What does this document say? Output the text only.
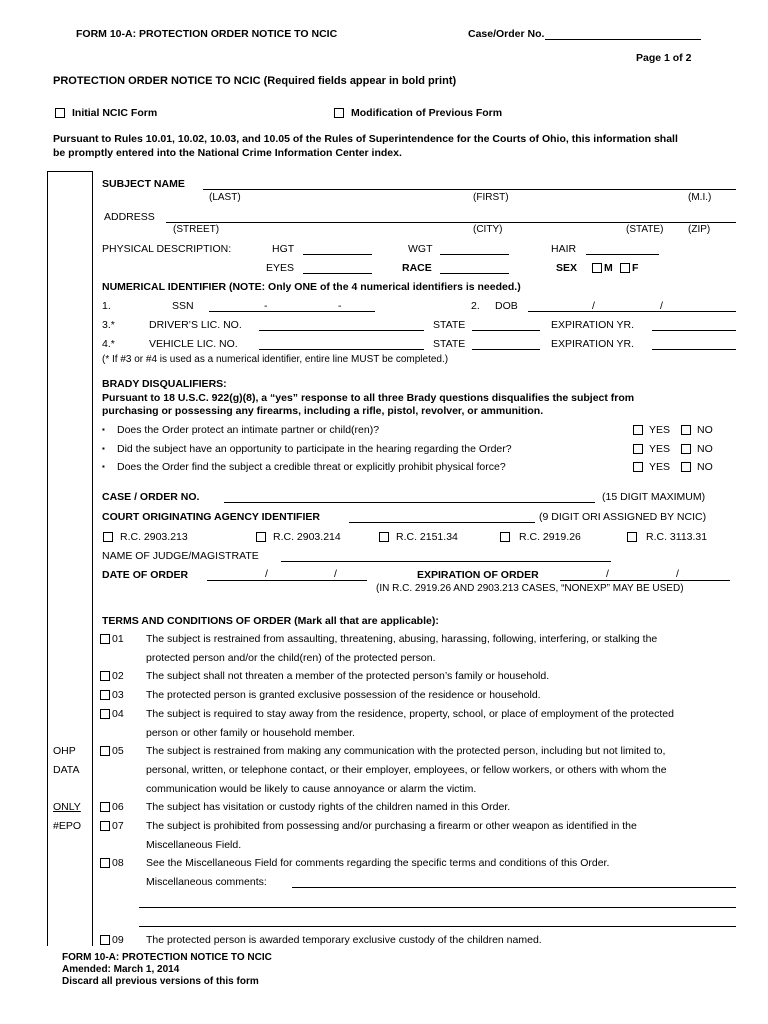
FORM 10-A: PROTECTION ORDER NOTICE TO NCIC	Case/Order No.
Page 1 of 2
PROTECTION ORDER NOTICE TO NCIC (Required fields appear in bold print)
Initial NCIC Form	Modification of Previous Form
Pursuant to Rules 10.01, 10.02, 10.03, and 10.05 of the Rules of Superintendence for the Courts of Ohio, this information shall
be promptly entered into the National Crime Information Center index.
SUBJECT NAME
(LAST)	(FIRST)	(M.I.)
ADDRESS
(STREET)	(CITY)	(STATE) (ZIP)
PHYSICAL DESCRIPTION:	HGT	WGT	HAIR
EYES	RACE	SEX	M F
NUMERICAL IDENTIFIER (NOTE: Only ONE of the 4 numerical identifiers is needed.)
1.	SSN	-	-	2. DOB	/	/
3.*	DRIVER’S LIC. NO.	STATE	EXPIRATION YR.
4.*	VEHICLE LIC. NO.	STATE	EXPIRATION YR.
(* If #3 or #4 is used as a numerical identifier, entire line MUST be completed.)
BRADY DISQUALIFIERS:
Pursuant to 18 U.S.C. 922(g)(8), a “yes” response to all three Brady questions disqualifies the subject from
purchasing or possessing any firearms, including a rifle, pistol, revolver, or ammunition.
▪ Does the Order protect an intimate partner or child(ren)?	YES	NO
▪ Did the subject have an opportunity to participate in the hearing regarding the Order?	YES	NO
▪ Does the Order find the subject a credible threat or explicitly prohibit physical force?	YES	NO
CASE / ORDER NO.	(15 DIGIT MAXIMUM)
COURT ORIGINATING AGENCY IDENTIFIER	(9 DIGIT ORI ASSIGNED BY NCIC)
R.C. 2903.213	R.C. 2903.214	R.C. 2151.34	R.C. 2919.26	R.C. 3113.31
NAME OF JUDGE/MAGISTRATE
DATE OF ORDER	/	/	EXPIRATION OF ORDER	/	/
(IN R.C. 2919.26 AND 2903.213 CASES, “NONEXP” MAY BE USED)
TERMS AND CONDITIONS OF ORDER (Mark all that are applicable):
01 The subject is restrained from assaulting, threatening, abusing, harassing, following, interfering, or stalking the
protected person and/or the child(ren) of the protected person.
02 The subject shall not threaten a member of the protected person’s family or household.
03 The protected person is granted exclusive possession of the residence or household.
04 The subject is required to stay away from the residence, property, school, or place of employment of the protected
person or other family or household member.
05 The subject is restrained from making any communication with the protected person, including but not limited to,
personal, written, or telephone contact, or their employer, employees, or fellow workers, or others with whom the
communication would be likely to cause annoyance or alarm the victim.
06 The subject has visitation or custody rights of the children named in this Order.
07 The subject is prohibited from possessing and/or purchasing a firearm or other weapon as identified in the
Miscellaneous Field.
08 See the Miscellaneous Field for comments regarding the specific terms and conditions of this Order.
Miscellaneous comments:
09 The protected person is awarded temporary exclusive custody of the children named.
OHP
DATA
ONLY
#EPO
FORM 10-A: PROTECTION NOTICE TO NCIC
Amended: March 1, 2014
Discard all previous versions of this form
